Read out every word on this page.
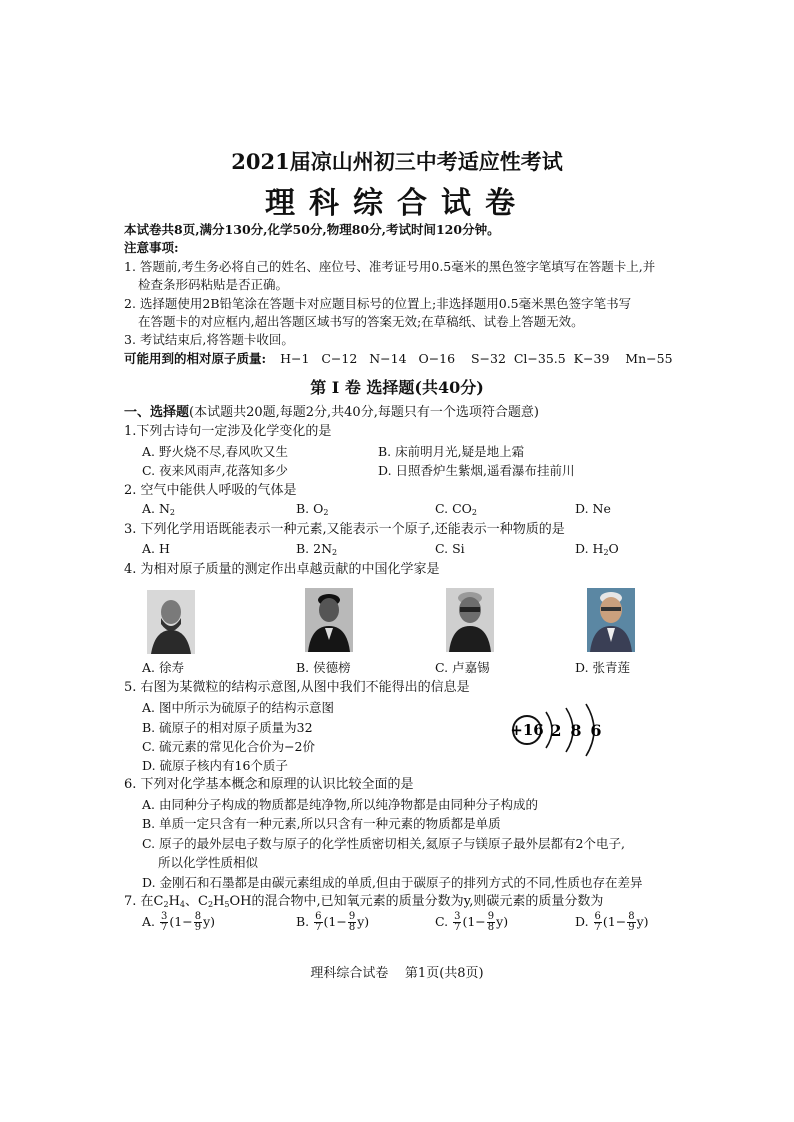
2021届凉山州初三中考适应性考试
理科综合试卷
本试卷共8页,满分130分,化学50分,物理80分,考试时间120分钟。
注意事项:
1. 答题前,考生务必将自己的姓名、座位号、准考证号用0.5毫米的黑色签字笔填写在答题卡上,并
检查条形码粘贴是否正确。
2. 选择题使用2B铅笔涂在答题卡对应题目标号的位置上;非选择题用0.5毫米黑色签字笔书写
在答题卡的对应框内,超出答题区域书写的答案无效;在草稿纸、试卷上答题无效。
3. 考试结束后,将答题卡收回。
可能用到的相对原子质量: H−1   C−12   N−14   O−16    S−32  Cl−35.5  K−39    Mn−55
第 Ⅰ 卷 选择题(共40分)
一、选择题(本试题共20题,每题2分,共40分,每题只有一个选项符合题意)
1.下列古诗句一定涉及化学变化的是
A. 野火烧不尽,春风吹又生	B. 床前明月光,疑是地上霜
C. 夜来风雨声,花落知多少	D. 日照香炉生紫烟,遥看瀑布挂前川
2. 空气中能供人呼吸的气体是
A. $N_2$	B. $O_2$	C. $CO_2$	D. Ne
3. 下列化学用语既能表示一种元素,又能表示一个原子,还能表示一种物质的是
A. H	B. $2N_2$	C. Si	D. $H_2O$
4. 为相对原子质量的测定作出卓越贡献的中国化学家是
A. 徐寿	B. 侯德榜	C. 卢嘉锡	D. 张青莲
5. 右图为某微粒的结构示意图,从图中我们不能得出的信息是
A. 图中所示为硫原子的结构示意图
B. 硫原子的相对原子质量为32
C. 硫元素的常见化合价为−2价
D. 硫原子核内有16个质子
+16 2 8 6
6. 下列对化学基本概念和原理的认识比较全面的是
A. 由同种分子构成的物质都是纯净物,所以纯净物都是由同种分子构成的
B. 单质一定只含有一种元素,所以只含有一种元素的物质都是单质
C. 原子的最外层电子数与原子的化学性质密切相关,氦原子与镁原子最外层都有2个电子,
所以化学性质相似
D. 金刚石和石墨都是由碳元素组成的单质,但由于碳原子的排列方式的不同,性质也存在差异
7. 在$C_2H_4$、$C_2H_5OH$的混合物中,已知氧元素的质量分数为y,则碳元素的质量分数为
A. $\frac{3}{7} (1- \frac{8}{9} y)$	B. $\frac{6}{7} (1- \frac{9}{8} y)$	C. $\frac{3}{7} (1- \frac{9}{8} y)$	D. $\frac{6}{7} (1- \frac{8}{9} y)$
理科综合试卷    第1页(共8页)
